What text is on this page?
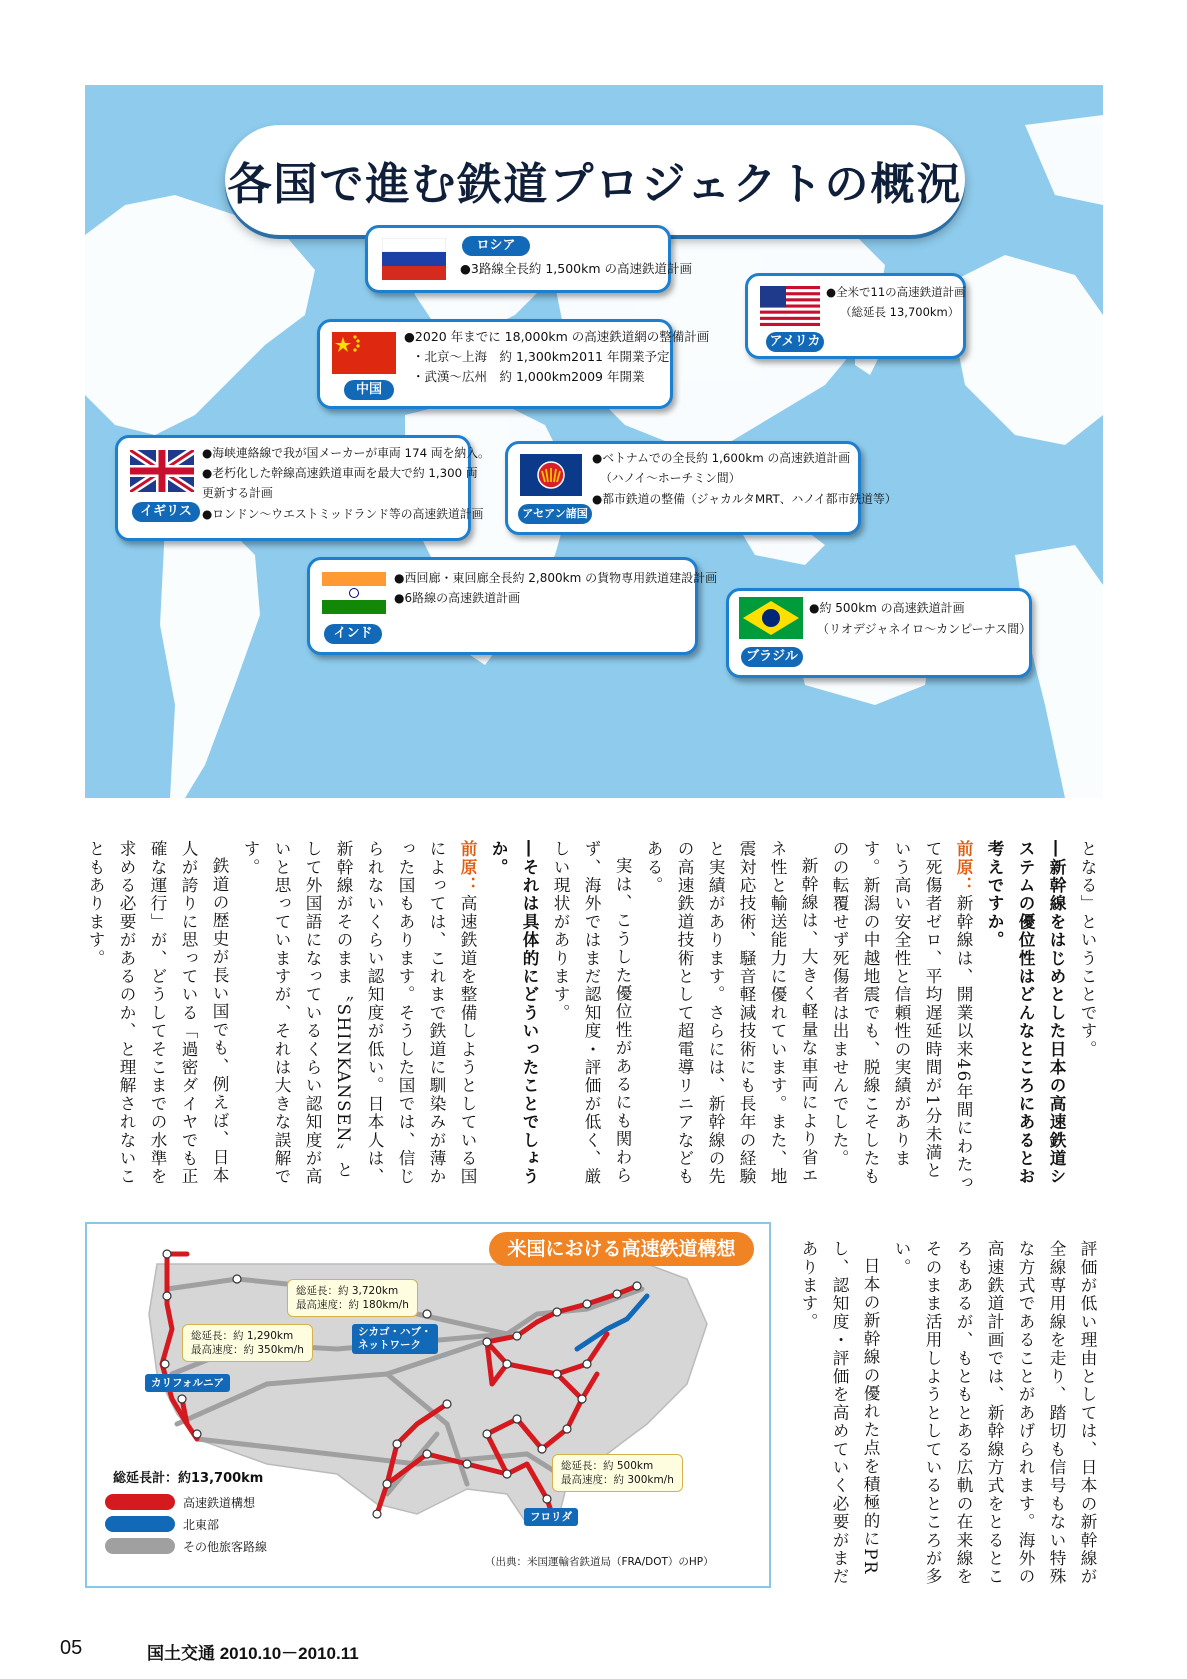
各国で進む鉄道プロジェクトの概況
ロシア
●3路線全長約 1,500km の高速鉄道計画
アメリカ
●全米で11の高速鉄道計画
（総延長 13,700km）
中国
●2020 年までに 18,000km の高速鉄道網の整備計画
・北京〜上海　約 1,300km2011 年開業予定
・武漢〜広州　約 1,000km2009 年開業
イギリス
●海峡連絡線で我が国メーカーが車両 174 両を納入。
●老朽化した幹線高速鉄道車両を最大で約 1,300 両
更新する計画
●ロンドン〜ウエストミッドランド等の高速鉄道計画	アセアン諸国
●ベトナムでの全長約 1,600km の高速鉄道計画
（ハノイ〜ホーチミン間）
●都市鉄道の整備（ジャカルタMRT、ハノイ都市鉄道等）
インド
●西回廊・東回廊全長約 2,800km の貨物専用鉄道建設計画
●6路線の高速鉄道計画
ブラジル
●約 500km の高速鉄道計画
（リオデジャネイロ〜カンピーナス間）

となる」ということです。

―新幹線をはじめとした日本の高速鉄道システムの優位性はどんなところにあるとお考えですか。

前原：新幹線は、開業以来46年間にわたって死傷者ゼロ、平均遅延時間が1分未満という高い安全性と信頼性の実績があります。新潟の中越地震でも、脱線こそしたものの転覆せず死傷者は出ませんでした。

新幹線は、大きく軽量な車両により省エネ性と輸送能力に優れています。また、地震対応技術、騒音軽減技術にも長年の経験と実績があります。さらには、新幹線の先の高速鉄道技術として超電導リニアなどもある。

実は、こうした優位性があるにも関わらず、海外ではまだ認知度・評価が低く、厳しい現状があります。

―それは具体的にどういったことでしょうか。

前原：高速鉄道を整備しようとしている国によっては、これまで鉄道に馴染みが薄かった国もあります。そうした国では、信じられないくらい認知度が低い。日本人は、新幹線がそのまま〝SHINKANSEN〟として外国語になっているくらい認知度が高いと思っていますが、それは大きな誤解です。

鉄道の歴史が長い国でも、例えば、日本人が誇りに思っている「過密ダイヤでも正確な運行」が、どうしてそこまでの水準を求める必要があるのか、と理解されないこともあります。

評価が低い理由としては、日本の新幹線が全線専用線を走り、踏切も信号もない特殊な方式であることがあげられます。海外の高速鉄道計画では、新幹線方式をとるところもあるが、もともとある広軌の在来線をそのまま活用しようとしているところが多い。

日本の新幹線の優れた点を積極的にPRし、認知度・評価を高めていく必要がまだあります。

米国における高速鉄道構想
総延長：約 3,720km
最高速度：約 180km/h
シカゴ・ハブ・
ネットワーク
総延長：約 1,290km
最高速度：約 350km/h
カリフォルニア
総延長：約 500km
最高速度：約 300km/h
フロリダ
総延長計：約13,700km
高速鉄道構想
北東部
その他旅客路線
（出典：米国運輸省鉄道局（FRA/DOT）のHP）
05	国土交通 2010.10－2010.11
